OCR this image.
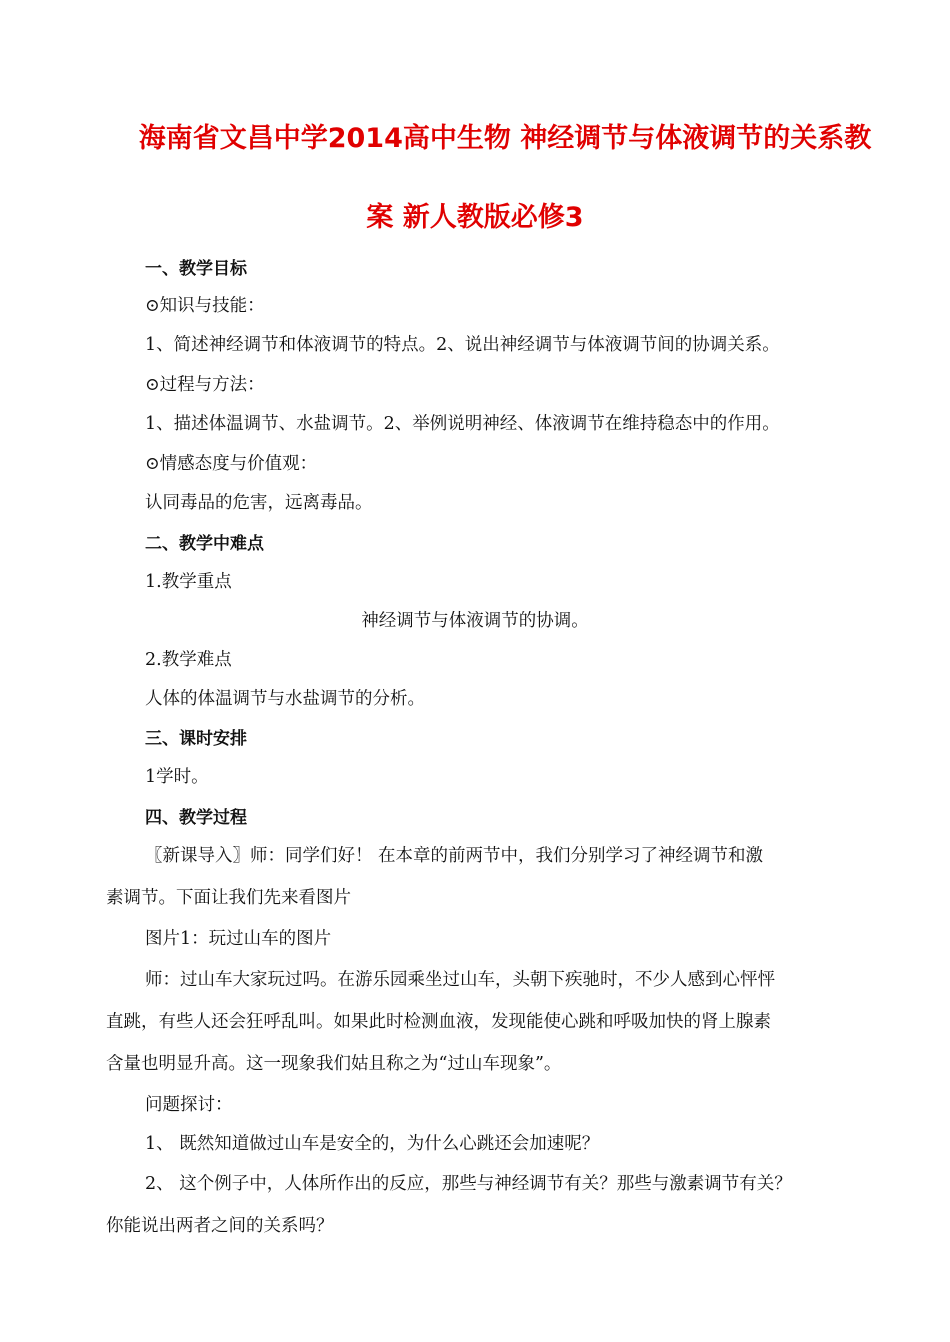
海南省文昌中学2014高中生物 神经调节与体液调节的关系教
案 新人教版必修3
一、教学目标
⊙知识与技能：
1、简述神经调节和体液调节的特点。2、说出神经调节与体液调节间的协调关系。
⊙过程与方法：
1、描述体温调节、水盐调节。2、举例说明神经、体液调节在维持稳态中的作用。
⊙情感态度与价值观：
认同毒品的危害，远离毒品。
二、教学中难点
1.教学重点
神经调节与体液调节的协调。
2.教学难点
人体的体温调节与水盐调节的分析。
三、课时安排
1学时。
四、教学过程
〖新课导入〗师：同学们好！ 在本章的前两节中，我们分别学习了神经调节和激
素调节。下面让我们先来看图片
图片1：玩过山车的图片
师：过山车大家玩过吗。在游乐园乘坐过山车，头朝下疾驰时，不少人感到心怦怦
直跳，有些人还会狂呼乱叫。如果此时检测血液，发现能使心跳和呼吸加快的肾上腺素
含量也明显升高。这一现象我们姑且称之为“过山车现象”。
问题探讨：
1、 既然知道做过山车是安全的，为什么心跳还会加速呢？
2、 这个例子中，人体所作出的反应，那些与神经调节有关？那些与激素调节有关？
你能说出两者之间的关系吗？
